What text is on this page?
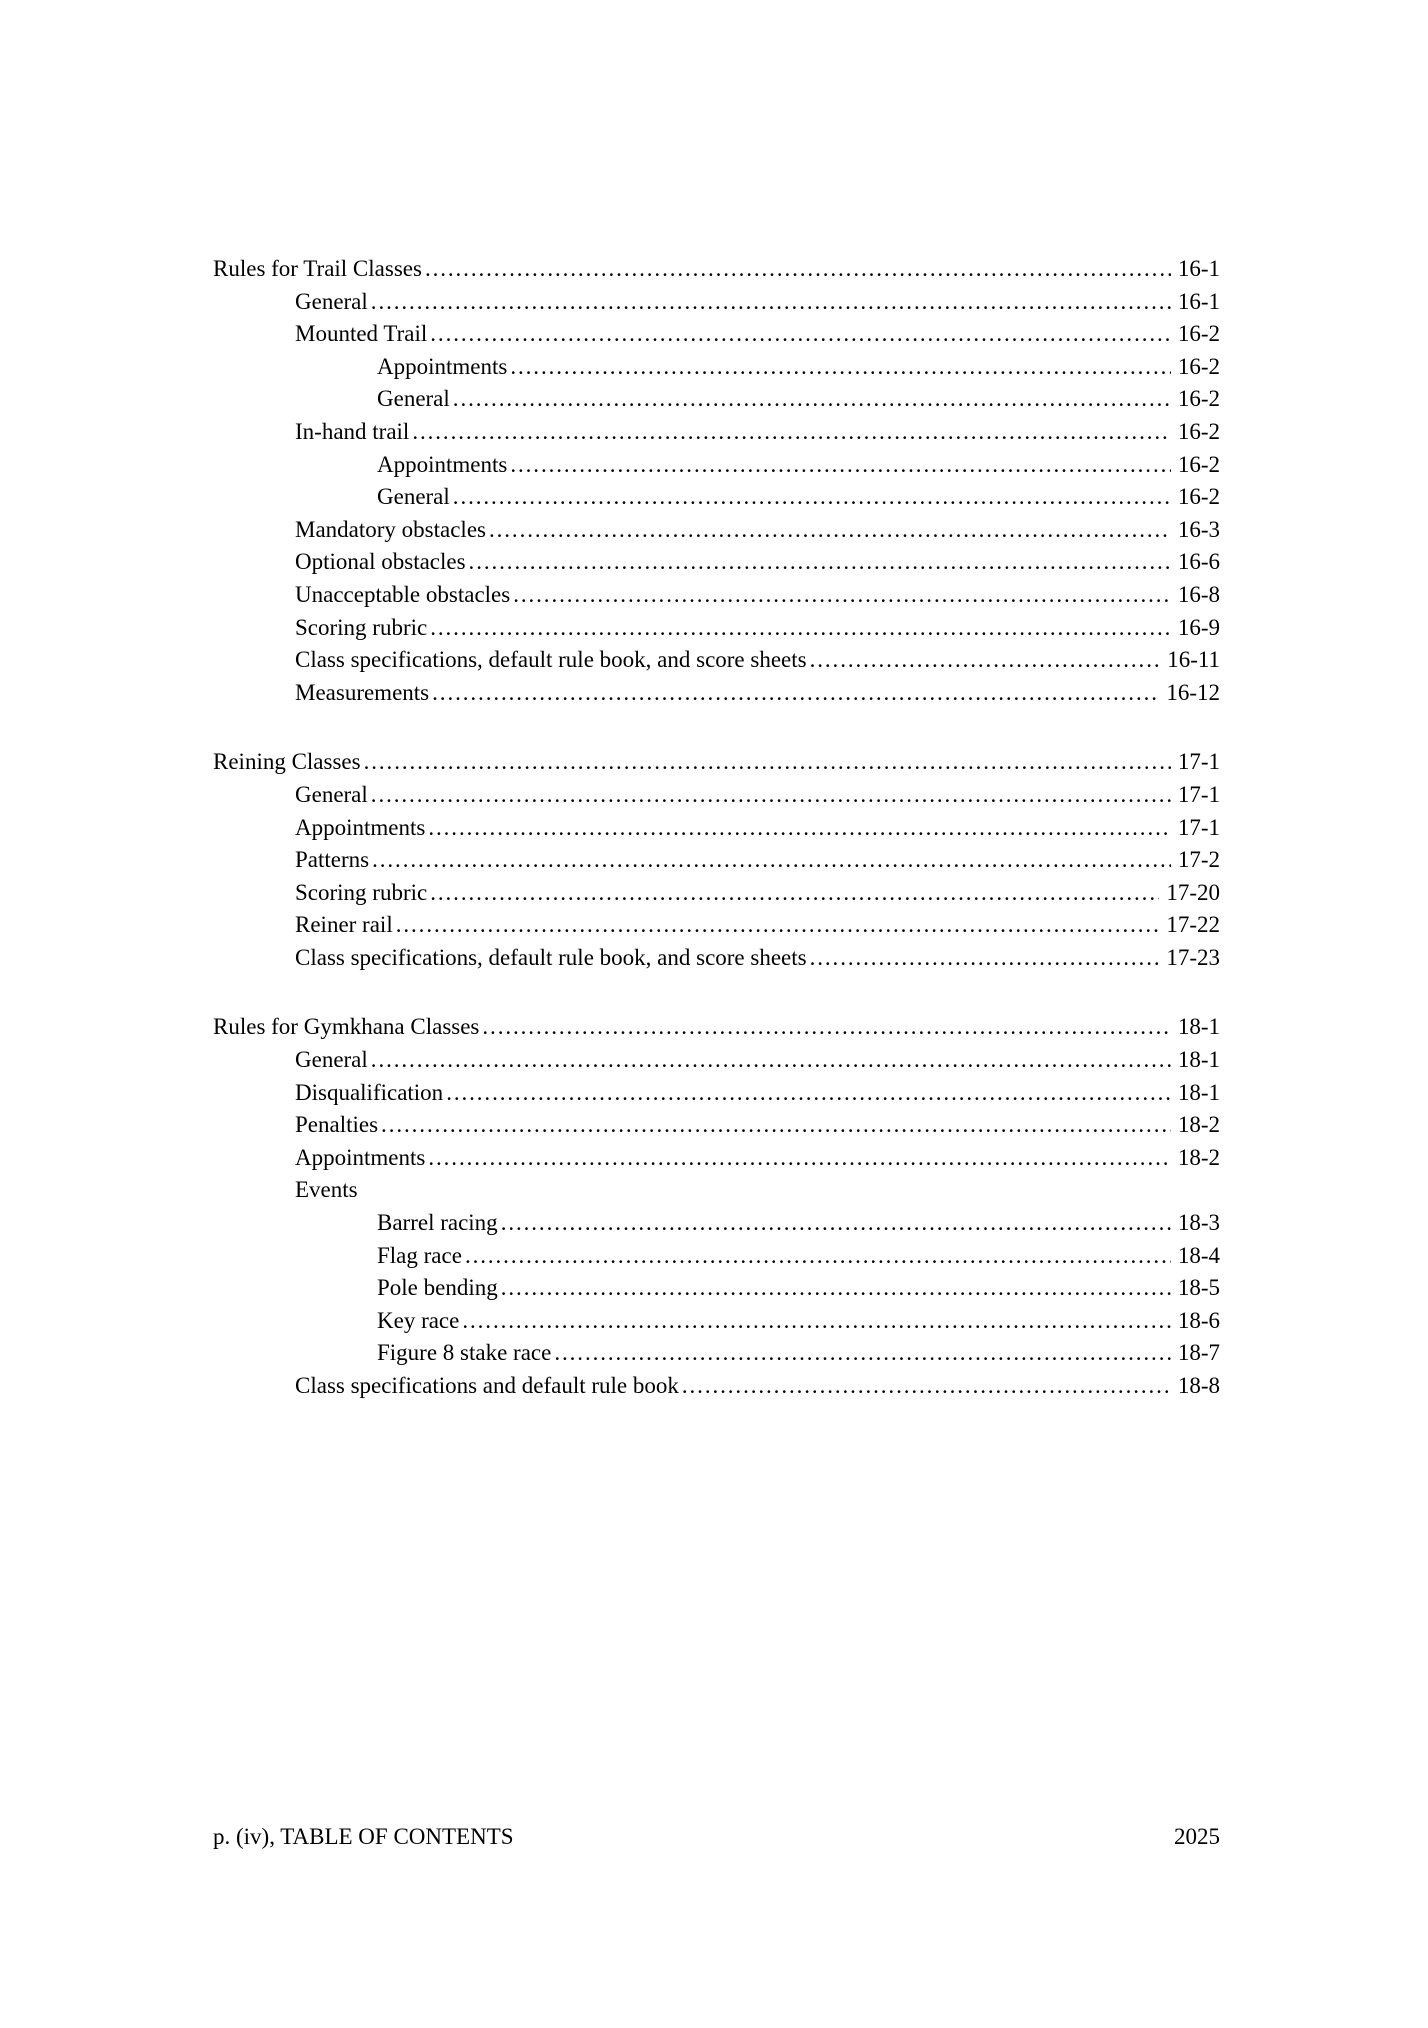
Rules for Trail Classes .....	16-1
General .....	16-1
Mounted Trail .....	16-2
Appointments .....	16-2
General .....	16-2
In-hand trail .....	16-2
Appointments .....	16-2
General .....	16-2
Mandatory obstacles .....	16-3
Optional obstacles .....	16-6
Unacceptable obstacles .....	16-8
Scoring rubric .....	16-9
Class specifications, default rule book, and score sheets .....	16-11
Measurements .....	16-12
Reining Classes .....	17-1
General .....	17-1
Appointments .....	17-1
Patterns .....	17-2
Scoring rubric .....	17-20
Reiner rail .....	17-22
Class specifications, default rule book, and score sheets .....	17-23
Rules for Gymkhana Classes .....	18-1
General .....	18-1
Disqualification .....	18-1
Penalties .....	18-2
Appointments .....	18-2
Events
Barrel racing .....	18-3
Flag race .....	18-4
Pole bending .....	18-5
Key race .....	18-6
Figure 8 stake race .....	18-7
Class specifications and default rule book .....	18-8
p. (iv), TABLE OF CONTENTS	2025
